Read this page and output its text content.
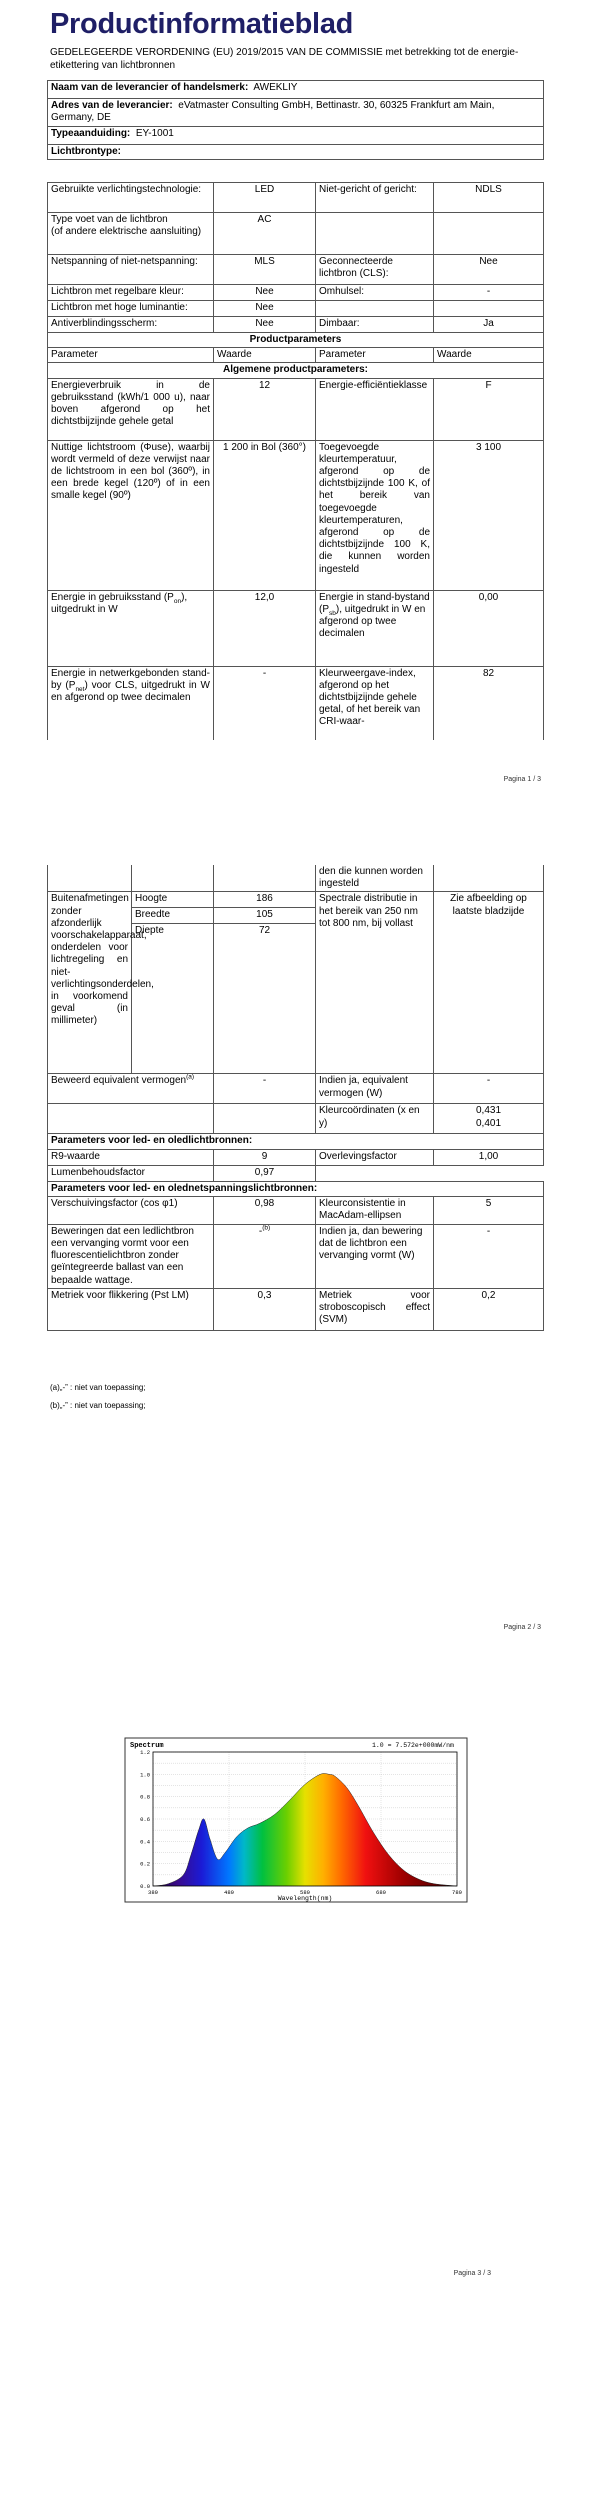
Productinformatieblad
GEDELEGEERDE VERORDENING (EU) 2019/2015 VAN DE COMMISSIE met betrekking tot de energie-etikettering van lichtbronnen
Naam van de leverancier of handelsmerk: AWEKLIY
Adres van de leverancier: eVatmaster Consulting GmbH, Bettinastr. 30, 60325 Frankfurt am Main, Germany, DE
Typeaanduiding: EY-1001
Lichtbrontype:
Gebruikte verlichtingstechnologie:	LED	Niet-gericht of gericht:	NDLS

Type voet van de lichtbron
(of andere elektrische aansluiting)	AC		
Netspanning of niet-netspanning:	MLS	Geconnecteerde lichtbron (CLS):	Nee
Lichtbron met regelbare kleur:	Nee	Omhulsel:	-
Lichtbron met hoge luminantie:	Nee		
Antiverblindingsscherm:	Nee	Dimbaar:	Ja
Productparameters			
Parameter	Waarde	Parameter	Waarde
Algemene productparameters:			
Energieverbruik in de gebruiksstand (kWh/1 000 u), naar boven afgerond op het dichtstbijzijnde gehele getal	12	Energie-efficiëntieklasse	F
Nuttige lichtstroom (Φuse), waarbij wordt vermeld of deze verwijst naar de lichtstroom in een bol (360º), in een brede kegel (120º) of in een smalle kegel (90º)	1 200 in Bol (360°)	Toegevoegde kleurtemperatuur, afgerond op de dichtstbijzijnde 100 K, of het bereik van toegevoegde kleurtemperaturen, afgerond op de dichtstbijzijnde 100 K, die kunnen worden ingesteld	3 100
Energie in gebruiksstand $(P_{on})$, uitgedrukt in W	12,0	Energie in stand-bystand $(P_{sb})$, uitgedrukt in W en afgerond op twee decimalen	0,00
Energie in netwerkgebonden stand-by $(P_{net})$ voor CLS, uitgedrukt in W en afgerond op twee decimalen	-	Kleurweergave-index, afgerond op het dichtstbijzijnde gehele getal, of het bereik van CRI-waar-	82
Pagina 1 / 3
			den die kunnen worden ingesteld	
Buitenafmetingen zonder afzonderlijk voorschakelapparaat, onderdelen voor lichtregeling en niet-verlichtingsonderdelen, in voorkomend geval (in millimeter)	Hoogte	186	Spectrale distributie in het bereik van 250 nm tot 800 nm, bij vollast	Zie afbeelding op laatste bladzijde
	Breedte	105		
	Diepte	72		
Beweerd equivalent vermogen$^{(a)}$		-	Indien ja, equivalent vermogen (W)	-
			Kleurcoördinaten (x en y)	0,431
0,401

Parameters voor led- en oledlichtbronnen:				
R9-waarde		9	Overlevingsfactor	1,00
Lumenbehoudsfactor		0,97		
Parameters voor led- en olednetspanningslichtbronnen:				
Verschuivingsfactor (cos φ1)		0,98	Kleurconsistentie in MacAdam-ellipsen	5
Beweringen dat een ledlichtbron een vervanging vormt voor een fluorescentielichtbron zonder geïntegreerde ballast van een bepaalde wattage.		-$^{(b)}$	Indien ja, dan bewering dat de lichtbron een vervanging vormt (W)	-
Metriek voor flikkering (Pst LM)		0,3	Metriek voor stroboscopisch effect (SVM)	0,2
(a)„-” : niet van toepassing;
(b)„-” : niet van toepassing;
Pagina 2 / 3
Spectrum	1.0 = 7.572e+000mW/nm
0.0
0.2
0.4
0.6
0.8
1.0
1.2
380	480	580	680	780
Wavelength(nm)
Pagina 3 / 3
